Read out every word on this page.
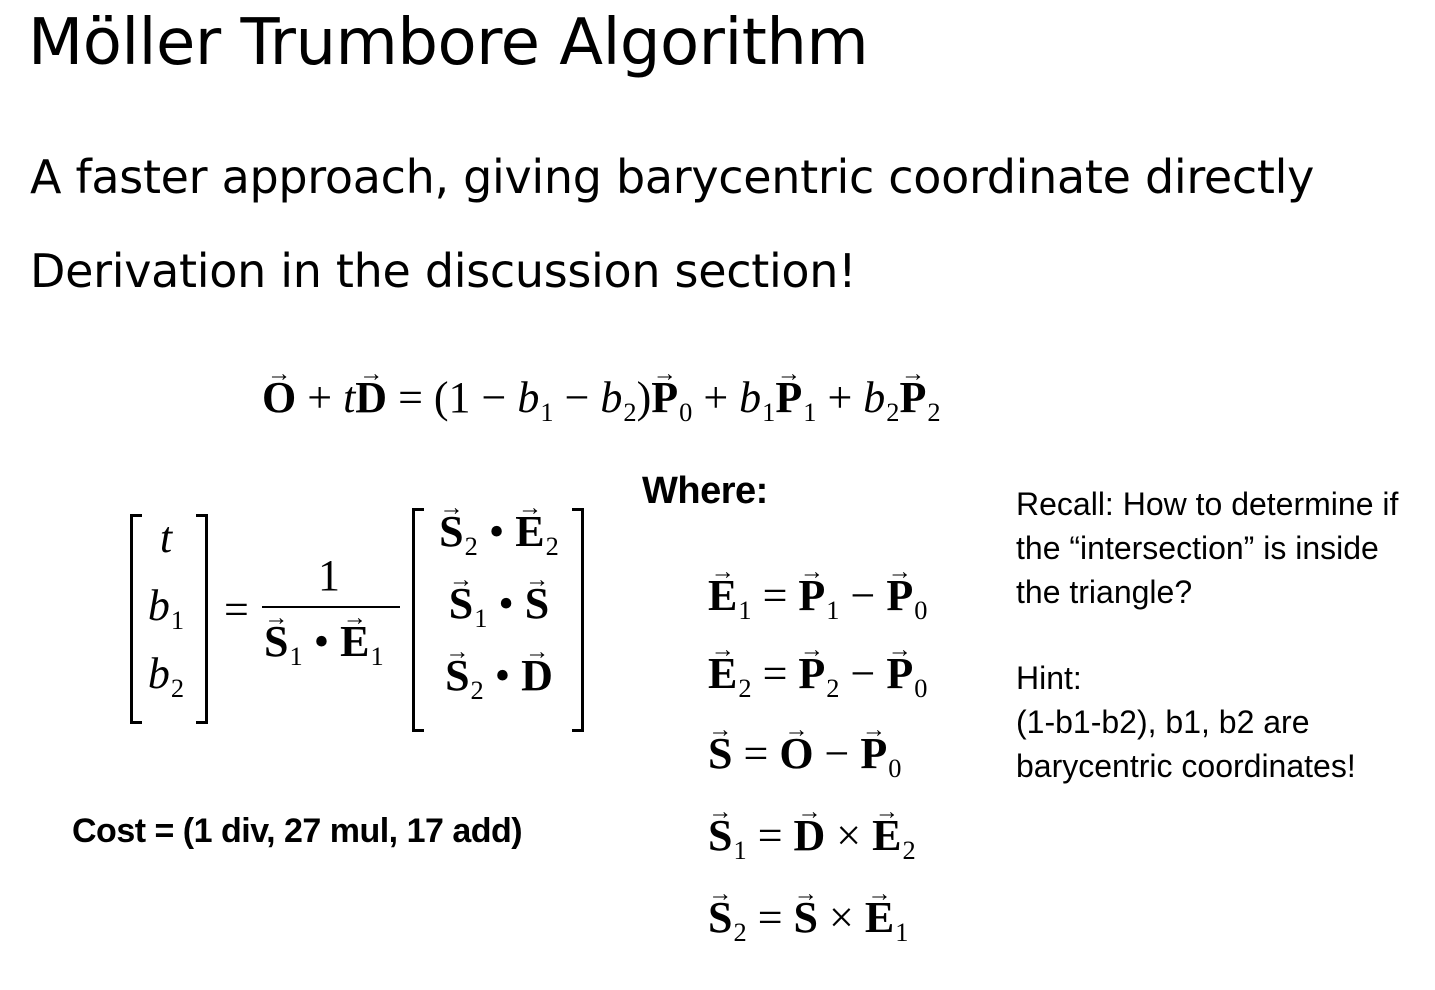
Möller Trumbore Algorithm
A faster approach, giving barycentric coordinate directly
Derivation in the discussion section!
→ $O + t\to D = (1 - b_1 - b_2)\to P_0 + b_1\to P_1 + b_2\to P_2$
t
$b_1$
$b_2$
=
1
→ $S_1$ • → $E_1$
→ $S_2$ • → $E_2$
→ $S_1$ • → S
→ $S_2$ • → D
Where:
Cost = (1 div, 27 mul, 17 add)
→ $E_1$ = → $P_1$ − → $P_0$
→ $E_2$ = → $P_2$ − → $P_0$
→ S = → O − → $P_0$
→ $S_1$ = → D × → $E_2$
→ $S_2$ = → S × → $E_1$
Recall: How to determine if the “intersection” is inside the triangle?
Hint:
(1-b1-b2), b1, b2 are barycentric coordinates!
